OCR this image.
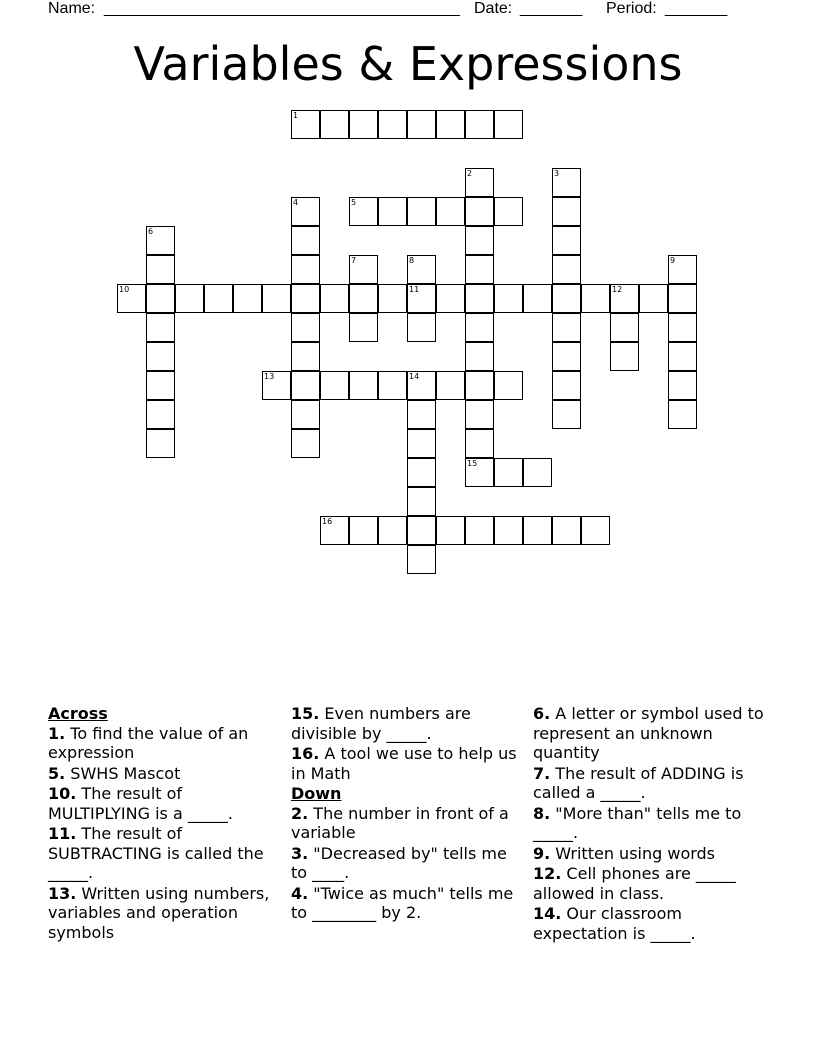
Name: ________________________________________ Date: _______ Period: _______
Variables & Expressions
1
5
10
13
15
16
2	3
4
6
7	8	9
11	12
14
Across
1. To find the value of an expression
5. SWHS Mascot
10. The result of MULTIPLYING is a _____.
11. The result of SUBTRACTING is called the _____.
13. Written using numbers, variables and operation symbols
15. Even numbers are divisible by _____.
16. A tool we use to help us in Math
Down
2. The number in front of a variable
3. "Decreased by" tells me to ____.
4. "Twice as much" tells me to ________ by 2.
6. A letter or symbol used to represent an unknown quantity
7. The result of ADDING is called a _____.
8. "More than" tells me to _____.
9. Written using words
12. Cell phones are _____ allowed in class.
14. Our classroom expectation is _____.
